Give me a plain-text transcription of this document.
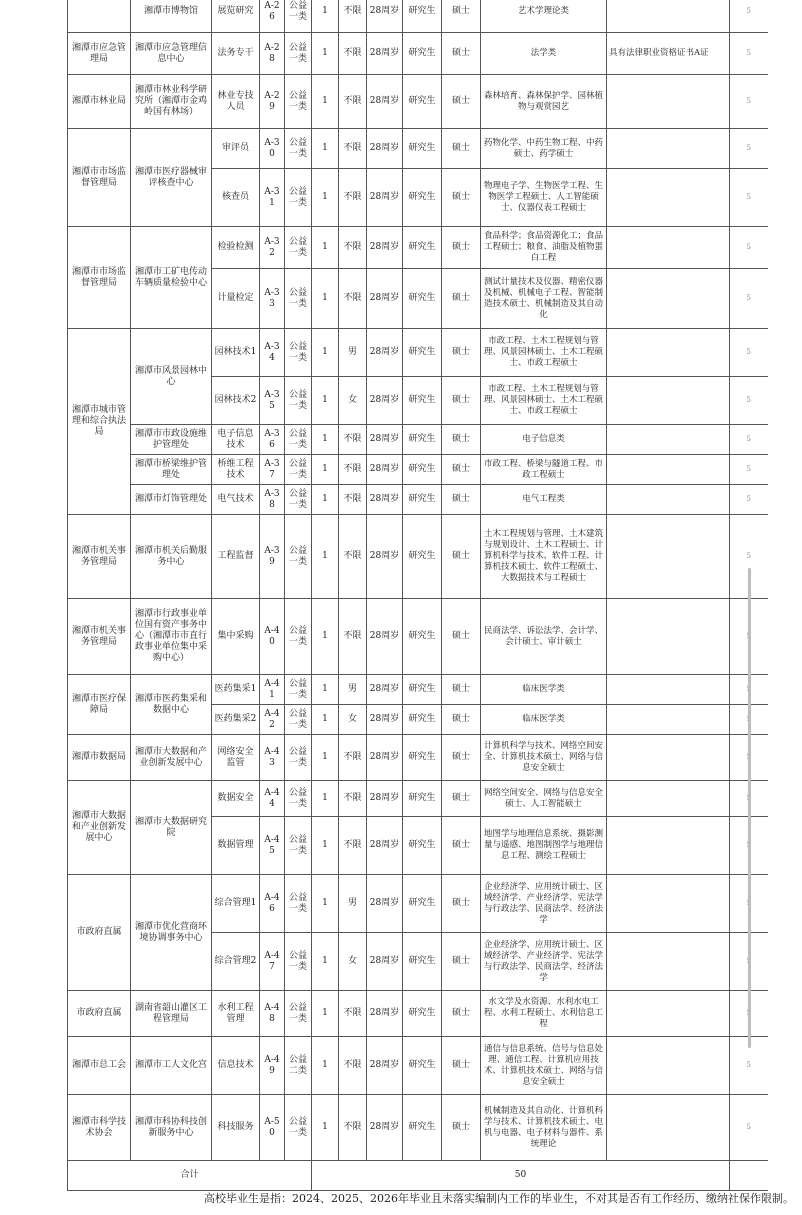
	湘潭市博物馆	展览研究	A-26	公益一类	1	不限	28周岁	研究生	硕士	艺术学理论类		5
湘潭市应急管理局	湘潭市应急管理信息中心	法务专干	A-28	公益一类	1	不限	28周岁	研究生	硕士	法学类	具有法律职业资格证书A证	5
湘潭市林业局	湘潭市林业科学研究所（湘潭市金鸡岭国有林场）	林业专技人员	A-29	公益一类	1	不限	28周岁	研究生	硕士	森林培育、森林保护学、园林植物与观赏园艺		5
湘潭市市场监督管理局	湘潭市医疗器械审评核查中心	审评员	A-30	公益一类	1	不限	28周岁	研究生	硕士	药物化学、中药生物工程、中药硕士、药学硕士		5
		核查员	A-31	公益一类	1	不限	28周岁	研究生	硕士	物理电子学、生物医学工程、生物医学工程硕士、人工智能硕士、仪器仪表工程硕士		5
湘潭市市场监督管理局	湘潭市工矿电传动车辆质量检验中心	检验检测	A-32	公益一类	1	不限	28周岁	研究生	硕士	食品科学；食品资源化工；食品工程硕士；粮食、油脂及植物蛋白工程		5
		计量检定	A-33	公益一类	1	不限	28周岁	研究生	硕士	测试计量技术及仪器、精密仪器及机械、机械电子工程、智能制造技术硕士、机械制造及其自动化		5
湘潭市城市管理和综合执法局	湘潭市风景园林中心	园林技术1	A-34	公益一类	1	男	28周岁	研究生	硕士	市政工程、土木工程规划与管理、风景园林硕士、土木工程硕士、市政工程硕士		5
		园林技术2	A-35	公益一类	1	女	28周岁	研究生	硕士	市政工程、土木工程规划与管理、风景园林硕士、土木工程硕士、市政工程硕士		5
	湘潭市市政设施维护管理处	电子信息技术	A-36	公益一类	1	不限	28周岁	研究生	硕士	电子信息类		5
	湘潭市桥梁维护管理处	桥维工程技术	A-37	公益一类	1	不限	28周岁	研究生	硕士	市政工程、桥梁与隧道工程、市政工程硕士		5
	湘潭市灯饰管理处	电气技术	A-38	公益一类	1	不限	28周岁	研究生	硕士	电气工程类		5
湘潭市机关事务管理局	湘潭市机关后勤服务中心	工程监督	A-39	公益一类	1	不限	28周岁	研究生	硕士	土木工程规划与管理、土木建筑与规划设计、土木工程硕士、计算机科学与技术、软件工程、计算机技术硕士、软件工程硕士、大数据技术与工程硕士		5
湘潭市机关事务管理局	湘潭市行政事业单位国有资产事务中心（湘潭市市直行政事业单位集中采购中心）	集中采购	A-40	公益一类	1	不限	28周岁	研究生	硕士	民商法学、诉讼法学、会计学、会计硕士、审计硕士		
湘潭市医疗保障局	湘潭市医药集采和数据中心	医药集采1	A-41	公益一类	1	男	28周岁	研究生	硕士	临床医学类		
		医药集采2	A-42	公益一类	1	女	28周岁	研究生	硕士	临床医学类		
湘潭市数据局	湘潭市大数据和产业创新发展中心	网络安全监管	A-43	公益一类	1	不限	28周岁	研究生	硕士	计算机科学与技术、网络空间安全、计算机技术硕士、网络与信息安全硕士		
湘潭市大数据和产业创新发展中心	湘潭市大数据研究院	数据安全	A-44	公益一类	1	不限	28周岁	研究生	硕士	网络空间安全、网络与信息安全硕士、人工智能硕士		
		数据管理	A-45	公益一类	1	不限	28周岁	研究生	硕士	地图学与地理信息系统、摄影测量与遥感、地图制图学与地理信息工程、测绘工程硕士		
市政府直属	湘潭市优化营商环境协调事务中心	综合管理1	A-46	公益一类	1	男	28周岁	研究生	硕士	企业经济学、应用统计硕士、区域经济学、产业经济学、宪法学与行政法学、民商法学、经济法学		
		综合管理2	A-47	公益一类	1	女	28周岁	研究生	硕士	企业经济学、应用统计硕士、区域经济学、产业经济学、宪法学与行政法学、民商法学、经济法学		
市政府直属	湖南省韶山灌区工程管理局	水利工程管理	A-48	公益一类	1	不限	28周岁	研究生	硕士	水文学及水资源、水利水电工程、水利工程硕士、水利信息工程		
湘潭市总工会	湘潭市工人文化宫	信息技术	A-49	公益二类	1	不限	28周岁	研究生	硕士	通信与信息系统、信号与信息处理、通信工程、计算机应用技术、计算机技术硕士、网络与信息安全硕士		5
湘潭市科学技术协会	湘潭市科协科技创新服务中心	科技服务	A-50	公益一类	1	不限	28周岁	研究生	硕士	机械制造及其自动化、计算机科学与技术、计算机技术硕士、电机与电器、电子材料与器件、系统理论		5
合计					50							
高校毕业生是指：2024、2025、2026年毕业且未落实编制内工作的毕业生，不对其是否有工作经历、缴纳社保作限制。
